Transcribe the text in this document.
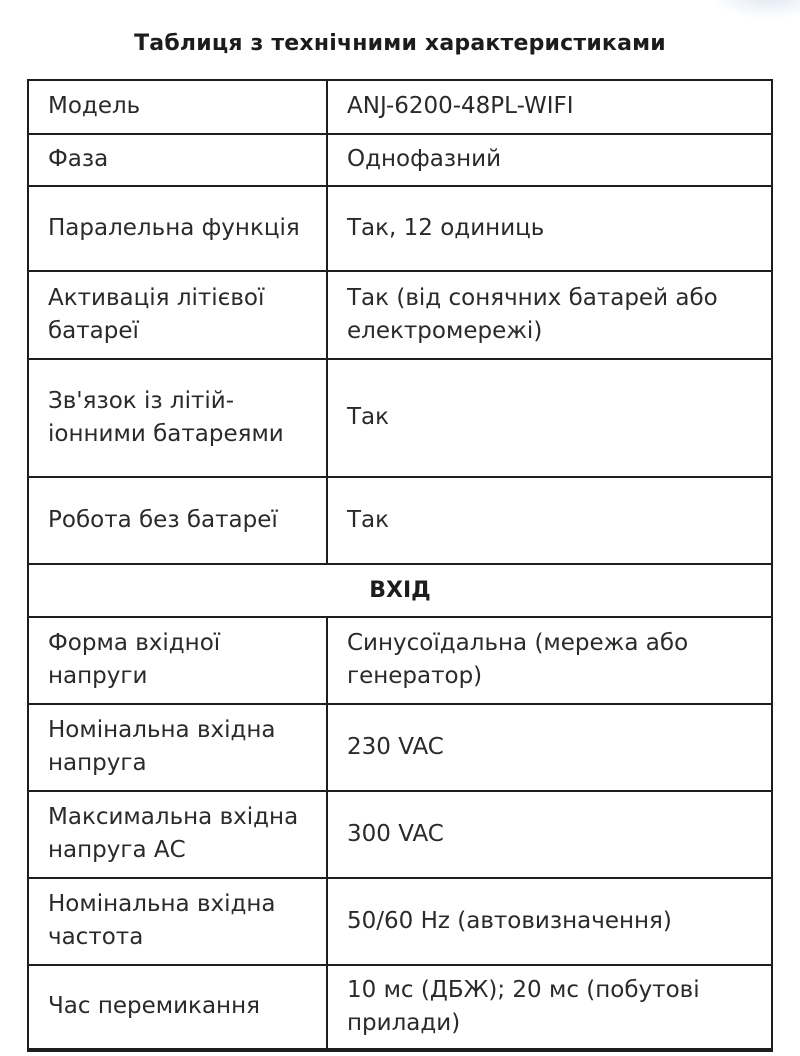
Таблиця з технічними характеристиками
Модель	ANJ-6200-48PL-WIFI
Фаза	Однофазний
Паралельна функція	Так, 12 одиниць
Активація літієвої батареї	Так (від сонячних батарей або електромережі)
Зв'язок із літій-іонними батареями	Так
Робота без батареї	Так
ВХІД	
Форма вхідної напруги	Синусоїдальна (мережа або генератор)
Номінальна вхідна напруга	230 VAC
Максимальна вхідна напруга АС	300 VAC
Номінальна вхідна частота	50/60 Hz (автовизначення)
Час перемикання	10 мс (ДБЖ); 20 мс (побутові прилади)
